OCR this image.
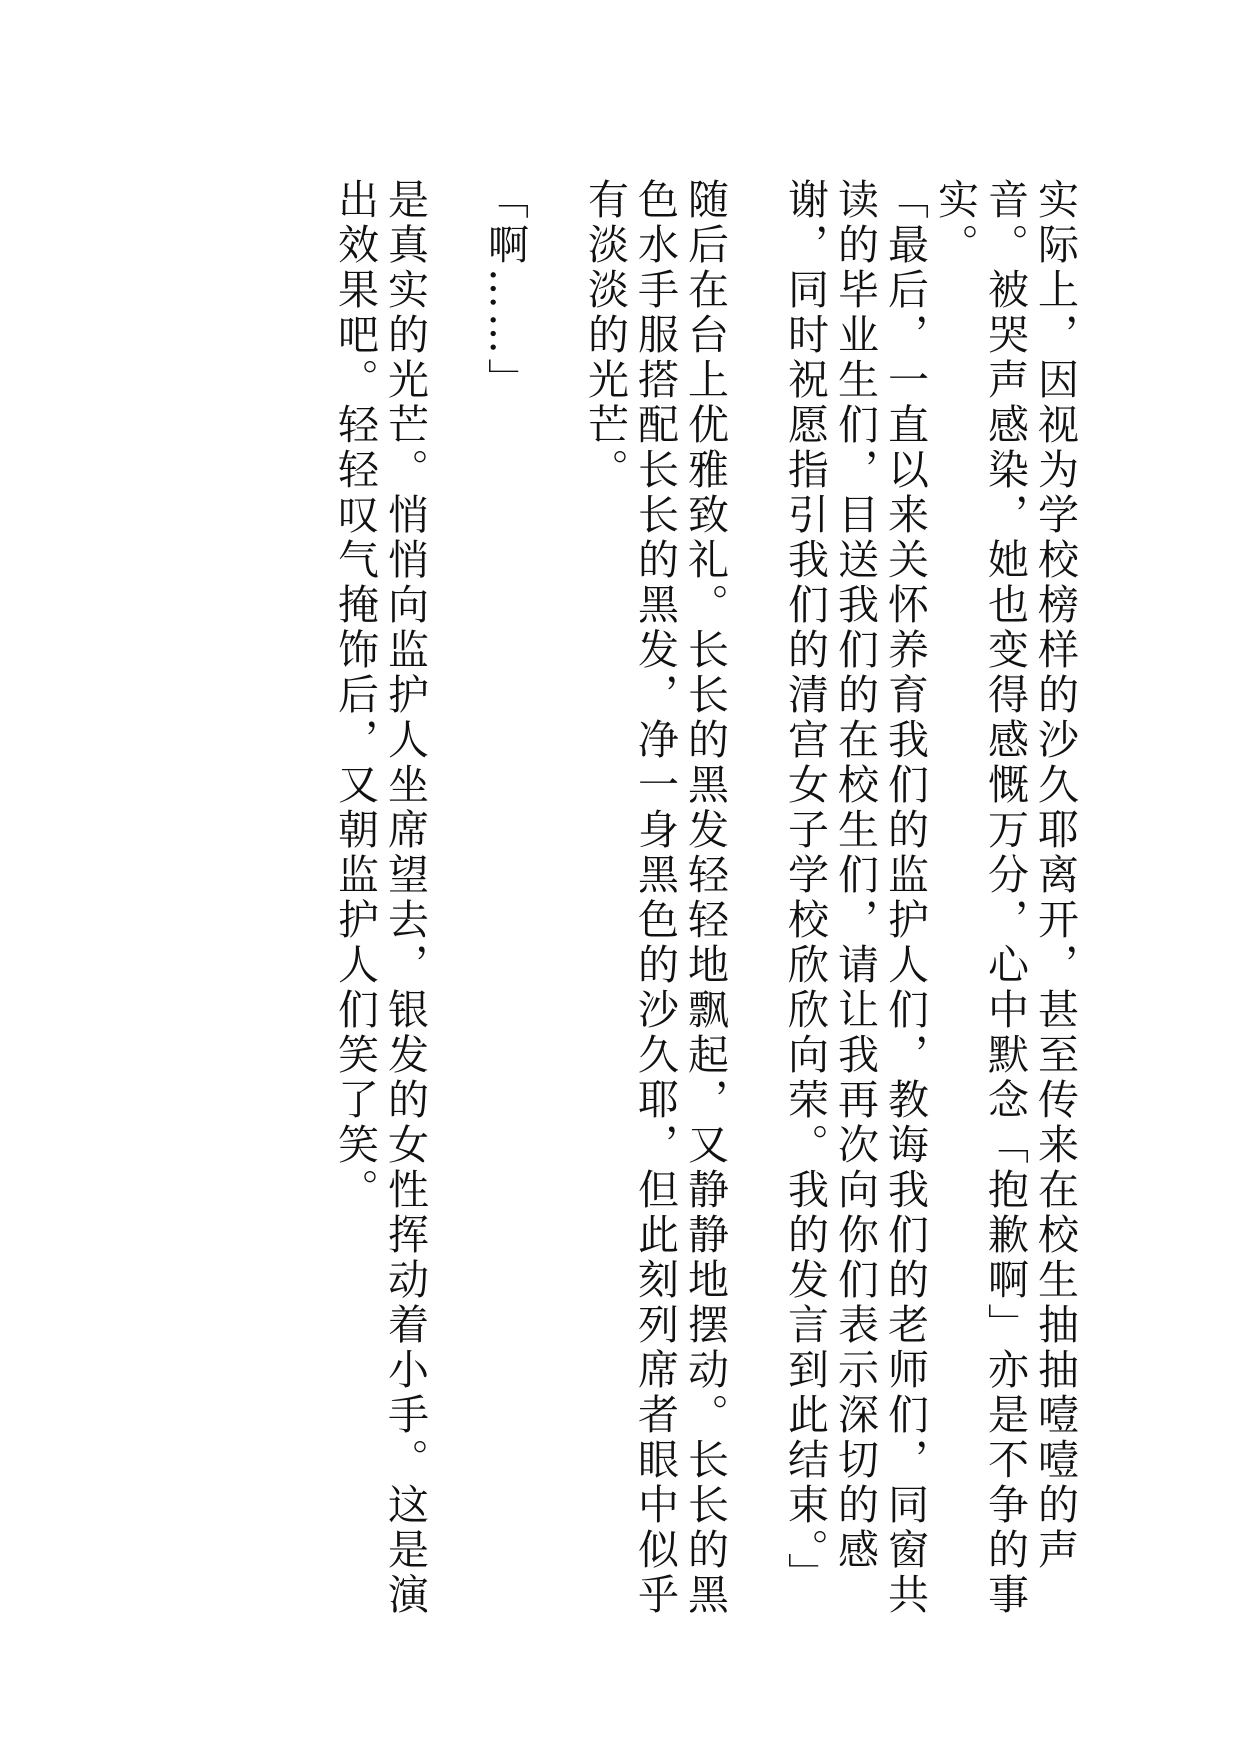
实际上，因视为学校榜样的沙久耶离开，甚至传来在校生抽抽噎噎的声音。被哭声感染，她也变得感慨万分，心中默念「抱歉啊」亦是不争的事实。

「最后，一直以来关怀养育我们的监护人们，教诲我们的老师们，同窗共读的毕业生们，目送我们的在校生们，请让我再次向你们表示深切的感谢，同时祝愿指引我们的清宫女子学校欣欣向荣。我的发言到此结束。」

随后在台上优雅致礼。长长的黑发轻轻地飘起，又静静地摆动。长长的黑色水手服搭配长长的黑发，净一身黑色的沙久耶，但此刻列席者眼中似乎有淡淡的光芒。

「啊……」

是真实的光芒。悄悄向监护人坐席望去，银发的女性挥动着小手。这是演出效果吧。轻轻叹气掩饰后，又朝监护人们笑了笑。
